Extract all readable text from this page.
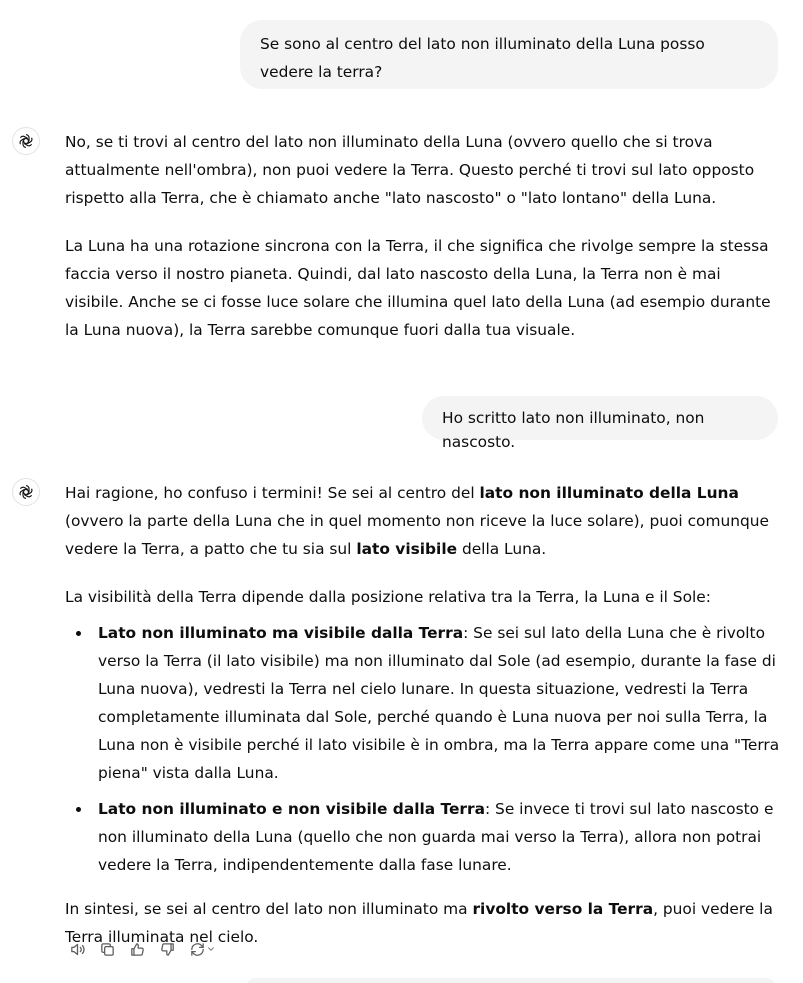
Se sono al centro del lato non illuminato della Luna posso vedere la terra?

No, se ti trovi al centro del lato non illuminato della Luna (ovvero quello che si trova attualmente nell'ombra), non puoi vedere la Terra. Questo perché ti trovi sul lato opposto rispetto alla Terra, che è chiamato anche "lato nascosto" o "lato lontano" della Luna.

La Luna ha una rotazione sincrona con la Terra, il che significa che rivolge sempre la stessa faccia verso il nostro pianeta. Quindi, dal lato nascosto della Luna, la Terra non è mai visibile. Anche se ci fosse luce solare che illumina quel lato della Luna (ad esempio durante la Luna nuova), la Terra sarebbe comunque fuori dalla tua visuale.

Ho scritto lato non illuminato, non nascosto.

Hai ragione, ho confuso i termini! Se sei al centro del lato non illuminato della Luna (ovvero la parte della Luna che in quel momento non riceve la luce solare), puoi comunque vedere la Terra, a patto che tu sia sul lato visibile della Luna.

La visibilità della Terra dipende dalla posizione relativa tra la Terra, la Luna e il Sole:

Lato non illuminato ma visibile dalla Terra: Se sei sul lato della Luna che è rivolto verso la Terra (il lato visibile) ma non illuminato dal Sole (ad esempio, durante la fase di Luna nuova), vedresti la Terra nel cielo lunare. In questa situazione, vedresti la Terra completamente illuminata dal Sole, perché quando è Luna nuova per noi sulla Terra, la Luna non è visibile perché il lato visibile è in ombra, ma la Terra appare come una "Terra piena" vista dalla Luna.
Lato non illuminato e non visibile dalla Terra: Se invece ti trovi sul lato nascosto e non illuminato della Luna (quello che non guarda mai verso la Terra), allora non potrai vedere la Terra, indipendentemente dalla fase lunare.

In sintesi, se sei al centro del lato non illuminato ma rivolto verso la Terra, puoi vedere la Terra illuminata nel cielo.
